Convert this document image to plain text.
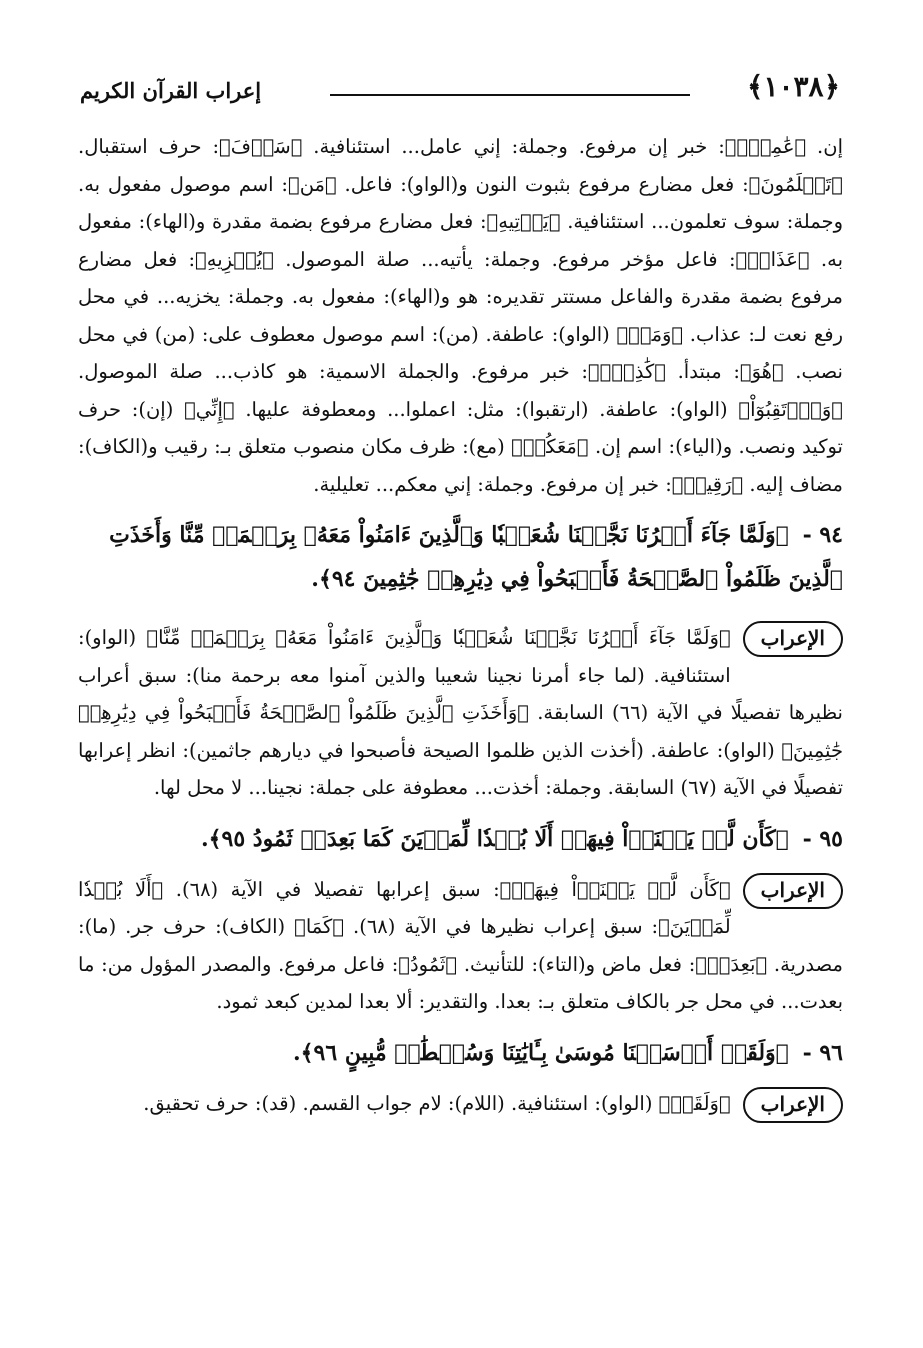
﴿١٠٣٨﴾
إعراب القرآن الكريم

إن. ﴿عَٰمِلٌۖ﴾: خبر إن مرفوع. وجملة: إني عامل... استئنافية. ﴿سَوۡفَ﴾: حرف استقبال. ﴿تَعۡلَمُونَ﴾: فعل مضارع مرفوع بثبوت النون و(الواو): فاعل. ﴿مَن﴾: اسم موصول مفعول به. وجملة: سوف تعلمون... استئنافية. ﴿يَأۡتِيهِ﴾: فعل مضارع مرفوع بضمة مقدرة و(الهاء): مفعول به. ﴿عَذَابٞ﴾: فاعل مؤخر مرفوع. وجملة: يأتيه... صلة الموصول. ﴿يُخۡزِيهِ﴾: فعل مضارع مرفوع بضمة مقدرة والفاعل مستتر تقديره: هو و(الهاء): مفعول به. وجملة: يخزيه... في محل رفع نعت لـ: عذاب. ﴿وَمَنۡ﴾ (الواو): عاطفة. (من): اسم موصول معطوف على: (من) في محل نصب. ﴿هُوَ﴾: مبتدأ. ﴿كَٰذِبٞۖ﴾: خبر مرفوع. والجملة الاسمية: هو كاذب... صلة الموصول. ﴿وَٱرۡتَقِبُوٓاْ﴾ (الواو): عاطفة. (ارتقبوا): مثل: اعملوا... ومعطوفة عليها. ﴿إِنِّي﴾ (إن): حرف توكيد ونصب. و(الياء): اسم إن. ﴿مَعَكُمۡ﴾ (مع): ظرف مكان منصوب متعلق بـ: رقيب و(الكاف): مضاف إليه. ﴿رَقِيبٞ﴾: خبر إن مرفوع. وجملة: إني معكم... تعليلية.

٩٤ - ﴿وَلَمَّا جَآءَ أَمۡرُنَا نَجَّيۡنَا شُعَيۡبٗا وَٱلَّذِينَ ءَامَنُواْ مَعَهُۥ بِرَحۡمَةٖ مِّنَّا وَأَخَذَتِ ٱلَّذِينَ ظَلَمُواْ ٱلصَّيۡحَةُ فَأَصۡبَحُواْ فِي دِيَٰرِهِمۡ جَٰثِمِينَ ٩٤﴾.

الإعراب
﴿وَلَمَّا جَآءَ أَمۡرُنَا نَجَّيۡنَا شُعَيۡبٗا وَٱلَّذِينَ ءَامَنُواْ مَعَهُۥ بِرَحۡمَةٖ مِّنَّا﴾ (الواو): استئنافية. (لما جاء أمرنا نجينا شعيبا والذين آمنوا معه برحمة منا): سبق أعراب نظيرها تفصيلًا في الآية (٦٦) السابقة. ﴿وَأَخَذَتِ ٱلَّذِينَ ظَلَمُواْ ٱلصَّيۡحَةُ فَأَصۡبَحُواْ فِي دِيَٰرِهِمۡ جَٰثِمِينَ﴾ (الواو): عاطفة. (أخذت الذين ظلموا الصيحة فأصبحوا في ديارهم جاثمين): انظر إعرابها تفصيلًا في الآية (٦٧) السابقة. وجملة: أخذت... معطوفة على جملة: نجينا... لا محل لها.

٩٥ - ﴿كَأَن لَّمۡ يَغۡنَوۡاْ فِيهَآۗ أَلَا بُعۡدٗا لِّمَدۡيَنَ كَمَا بَعِدَتۡ ثَمُودُ ٩٥﴾.

الإعراب
﴿كَأَن لَّمۡ يَغۡنَوۡاْ فِيهَآۗ﴾: سبق إعرابها تفصيلا في الآية (٦٨). ﴿أَلَا بُعۡدٗا لِّمَدۡيَنَ﴾: سبق إعراب نظيرها في الآية (٦٨). ﴿كَمَا﴾ (الكاف): حرف جر. (ما): مصدرية. ﴿بَعِدَتۡ﴾: فعل ماض و(التاء): للتأنيث. ﴿ثَمُودُ﴾: فاعل مرفوع. والمصدر المؤول من: ما بعدت... في محل جر بالكاف متعلق بـ: بعدا. والتقدير: ألا بعدا لمدين كبعد ثمود.

٩٦ - ﴿وَلَقَدۡ أَرۡسَلۡنَا مُوسَىٰ بِـَٔايَٰتِنَا وَسُلۡطَٰنٖ مُّبِينٍ ٩٦﴾.

الإعراب
﴿وَلَقَدۡ﴾ (الواو): استئنافية. (اللام): لام جواب القسم. (قد): حرف تحقيق.
